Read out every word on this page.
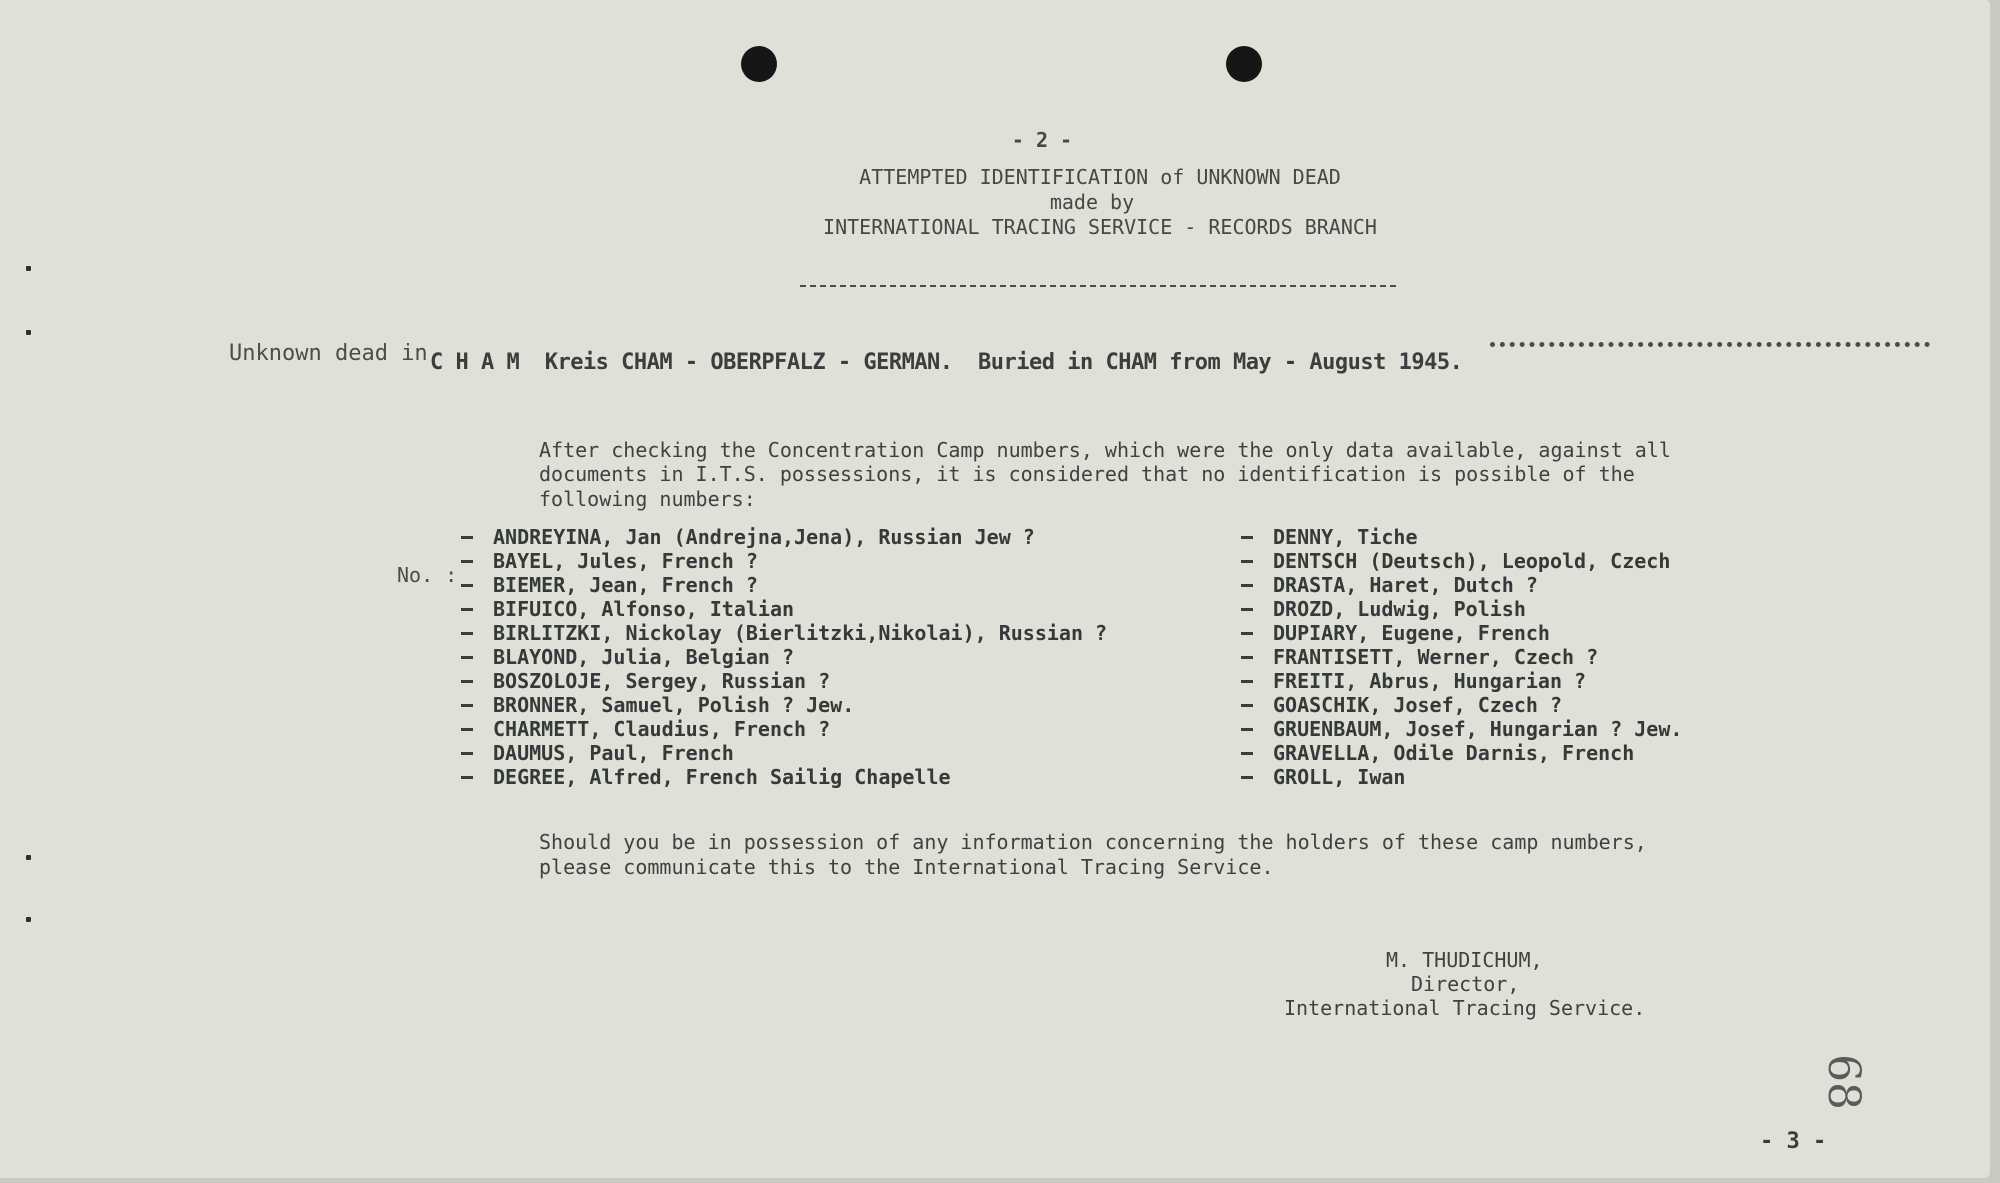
- 2 -
ATTEMPTED IDENTIFICATION of UNKNOWN DEAD
made by
INTERNATIONAL TRACING SERVICE - RECORDS BRANCH
Unknown dead in C H A M  Kreis CHAM - OBERPFALZ - GERMAN.  Buried in CHAM from May - August 1945.
After checking the Concentration Camp numbers, which were the only data available, against all
documents in I.T.S. possessions, it is considered that no identification is possible of the
following numbers:
No. :
ANDREYINA, Jan (Andrejna,Jena), Russian Jew ?
BAYEL, Jules, French ?
BIEMER, Jean, French ?
BIFUICO, Alfonso, Italian
BIRLITZKI, Nickolay (Bierlitzki,Nikolai), Russian ?
BLAYOND, Julia, Belgian ?
BOSZOLOJE, Sergey, Russian ?
BRONNER, Samuel, Polish ? Jew.
CHARMETT, Claudius, French ?
DAUMUS, Paul, French
DEGREE, Alfred, French Sailig Chapelle
DENNY, Tiche
DENTSCH (Deutsch), Leopold, Czech
DRASTA, Haret, Dutch ?
DROZD, Ludwig, Polish
DUPIARY, Eugene, French
FRANTISETT, Werner, Czech ?
FREITI, Abrus, Hungarian ?
GOASCHIK, Josef, Czech ?
GRUENBAUM, Josef, Hungarian ? Jew.
GRAVELLA, Odile Darnis, French
GROLL, Iwan
Should you be in possession of any information concerning the holders of these camp numbers,
please communicate this to the International Tracing Service.
M. THUDICHUM,
Director,
International Tracing Service.
- 3 -
68
